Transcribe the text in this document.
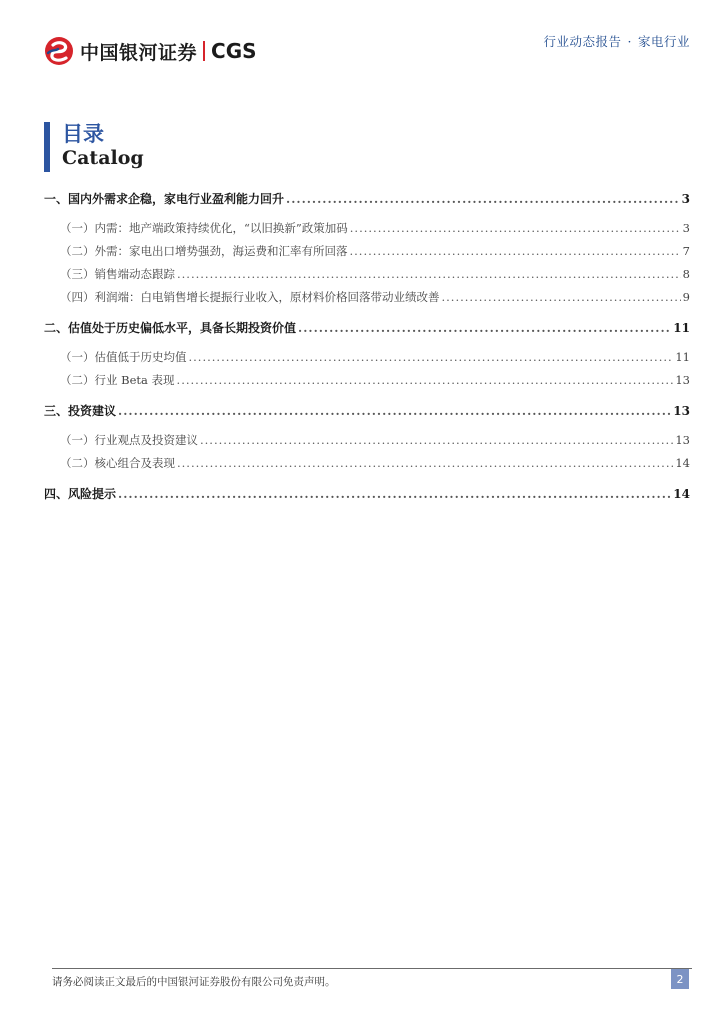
中国银河证券 CGS	行业动态报告 · 家电行业
目录
Catalog
一、 国内外需求企稳，家电行业盈利能力回升 .....	3
（一） 内需：地产端政策持续优化，“以旧换新”政策加码 .....	3
（二） 外需：家电出口增势强劲，海运费和汇率有所回落 .....	7
（三） 销售端动态跟踪 .....	8
（四） 利润端：白电销售增长提振行业收入，原材料价格回落带动业绩改善 .....	9
二、 估值处于历史偏低水平，具备长期投资价值 .....	11
（一） 估值低于历史均值 .....	11
（二） 行业 Beta 表现 .....	13
三、 投资建议 .....	13
（一） 行业观点及投资建议 .....	13
（二） 核心组合及表现 .....	14
四、 风险提示 .....	14
请务必阅读正文最后的中国银河证券股份有限公司免责声明。	2
